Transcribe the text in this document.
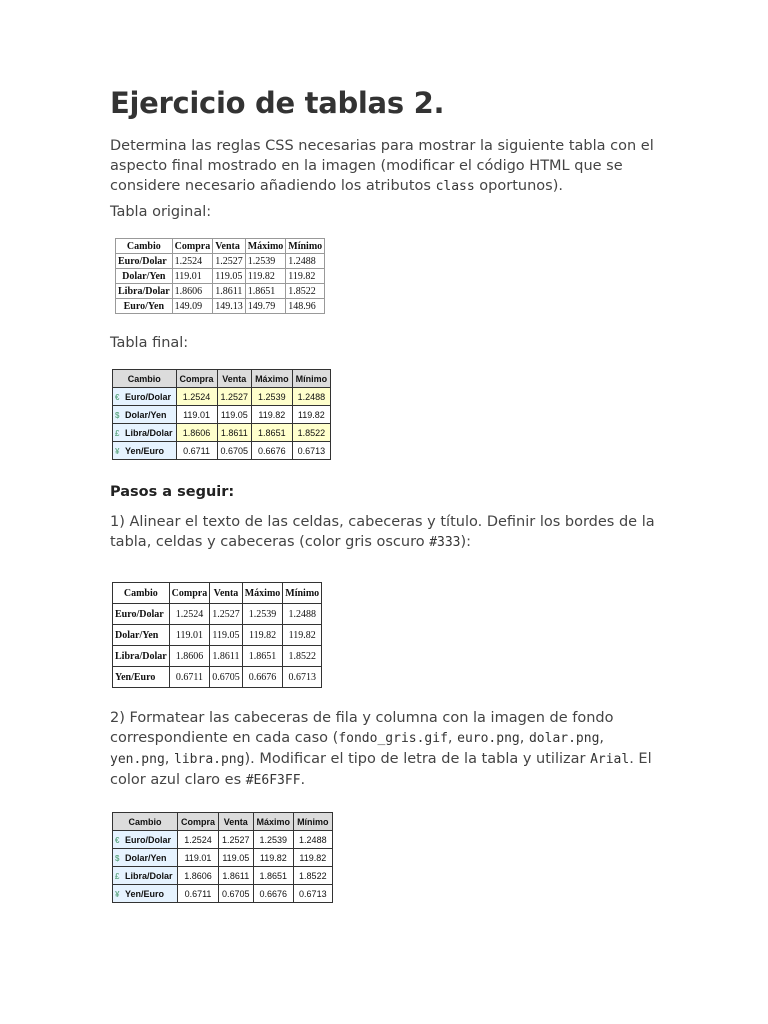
Ejercicio de tablas 2.

Determina las reglas CSS necesarias para mostrar la siguiente tabla con el aspecto final mostrado en la imagen (modificar el código HTML que se considere necesario añadiendo los atributos class oportunos).

Tabla original:

Cambio	Compra	Venta	Máximo	Mínimo
Euro/Dolar	1.2524	1.2527	1.2539	1.2488
Dolar/Yen	119.01	119.05	119.82	119.82
Libra/Dolar	1.8606	1.8611	1.8651	1.8522
Euro/Yen	149.09	149.13	149.79	148.96

Tabla final:

Cambio	Compra	Venta	Máximo	Mínimo
€ Euro/Dolar	1.2524	1.2527	1.2539	1.2488
$ Dolar/Yen	119.01	119.05	119.82	119.82
£ Libra/Dolar	1.8606	1.8611	1.8651	1.8522
¥ Yen/Euro	0.6711	0.6705	0.6676	0.6713

Pasos a seguir:

1) Alinear el texto de las celdas, cabeceras y título. Definir los bordes de la tabla, celdas y cabeceras (color gris oscuro #333):

Cambio	Compra	Venta	Máximo	Mínimo
Euro/Dolar	1.2524	1.2527	1.2539	1.2488
Dolar/Yen	119.01	119.05	119.82	119.82
Libra/Dolar	1.8606	1.8611	1.8651	1.8522
Yen/Euro	0.6711	0.6705	0.6676	0.6713

2) Formatear las cabeceras de fila y columna con la imagen de fondo correspondiente en cada caso (fondo_gris.gif, euro.png, dolar.png, yen.png, libra.png). Modificar el tipo de letra de la tabla y utilizar Arial. El color azul claro es #E6F3FF.

Cambio	Compra	Venta	Máximo	Mínimo
€ Euro/Dolar	1.2524	1.2527	1.2539	1.2488
$ Dolar/Yen	119.01	119.05	119.82	119.82
£ Libra/Dolar	1.8606	1.8611	1.8651	1.8522
¥ Yen/Euro	0.6711	0.6705	0.6676	0.6713
